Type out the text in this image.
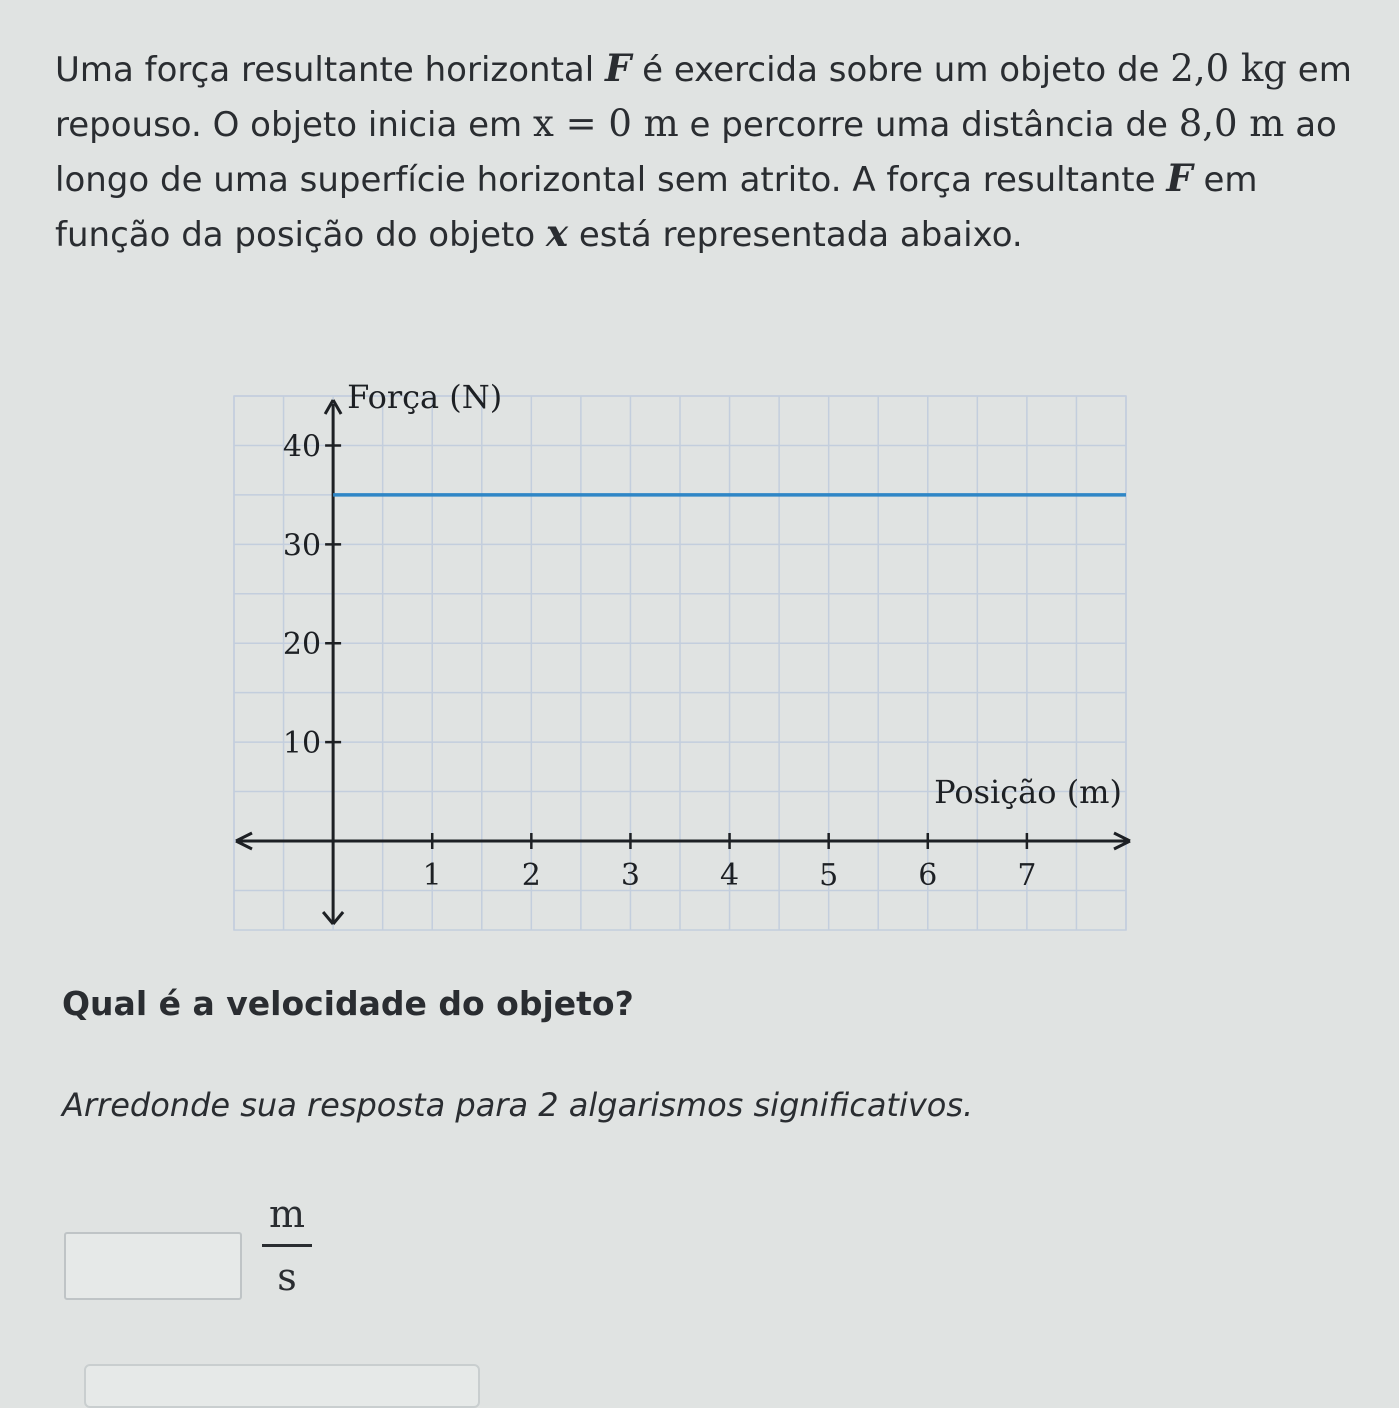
Uma força resultante horizontal F é exercida sobre um objeto de 2,0 kg em repouso. O objeto inicia em x = 0 m e percorre uma distância de 8,0 m ao longo de uma superfície horizontal sem atrito. A força resultante F em função da posição do objeto x está representada abaixo.
1	2	3	4	5	6	7
10
20
30
40
Força (N)
Posição (m)
Qual é a velocidade do objeto?
Arredonde sua resposta para 2 algarismos significativos.
m
s
